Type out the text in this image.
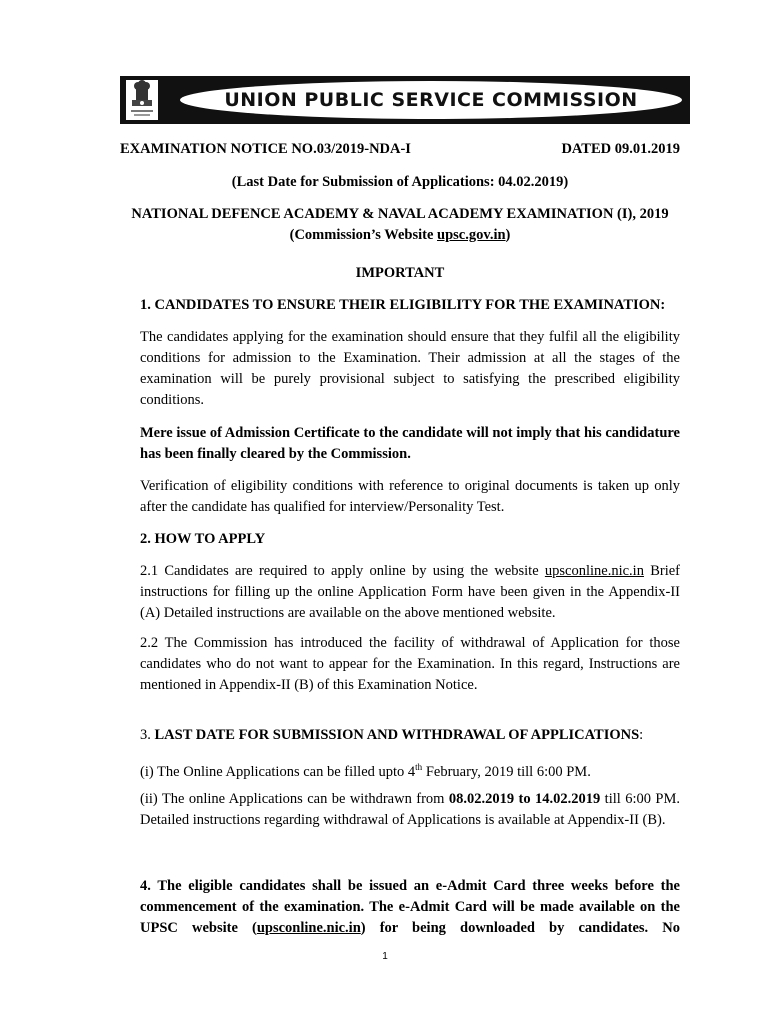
UNION PUBLIC SERVICE COMMISSION
EXAMINATION NOTICE NO.03/2019-NDA-I	DATED 09.01.2019
(Last Date for Submission of Applications: 04.02.2019)
NATIONAL DEFENCE ACADEMY & NAVAL ACADEMY EXAMINATION (I), 2019
(Commission’s Website upsc.gov.in)
IMPORTANT
1. CANDIDATES TO ENSURE THEIR ELIGIBILITY FOR THE EXAMINATION:
The candidates applying for the examination should ensure that they fulfil all the eligibility conditions for admission to the Examination. Their admission at all the stages of the examination will be purely provisional subject to satisfying the prescribed eligibility conditions.
Mere issue of Admission Certificate to the candidate will not imply that his candidature has been finally cleared by the Commission.
Verification of eligibility conditions with reference to original documents is taken up only after the candidate has qualified for interview/Personality Test.
2. HOW TO APPLY
2.1 Candidates are required to apply online by using the website upsconline.nic.in Brief instructions for filling up the online Application Form have been given in the Appendix-II (A) Detailed instructions are available on the above mentioned website.
2.2 The Commission has introduced the facility of withdrawal of Application for those candidates who do not want to appear for the Examination. In this regard, Instructions are mentioned in Appendix-II (B) of this Examination Notice.
3. LAST DATE FOR SUBMISSION AND WITHDRAWAL OF APPLICATIONS:
(i) The Online Applications can be filled upto 4th February, 2019 till 6:00 PM.
(ii) The online Applications can be withdrawn from 08.02.2019 to 14.02.2019 till 6:00 PM. Detailed instructions regarding withdrawal of Applications is available at Appendix-II (B).
4. The eligible candidates shall be issued an e-Admit Card three weeks before the commencement of the examination. The e-Admit Card will be made available on the UPSC website (upsconline.nic.in) for being downloaded by candidates. No
1
